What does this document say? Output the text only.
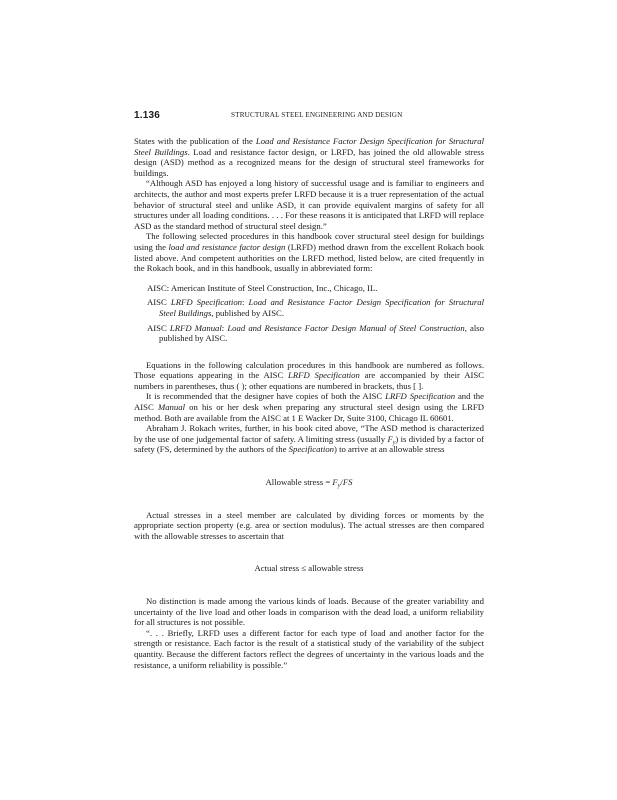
1.136	STRUCTURAL STEEL ENGINEERING AND DESIGN

States with the publication of the Load and Resistance Factor Design Specification for Structural Steel Buildings. Load and resistance factor design, or LRFD, has joined the old allowable stress design (ASD) method as a recognized means for the design of structural steel frameworks for buildings.

“Although ASD has enjoyed a long history of successful usage and is familiar to engineers and architects, the author and most experts prefer LRFD because it is a truer representation of the actual behavior of structural steel and unlike ASD, it can provide equivalent margins of safety for all structures under all loading conditions. . . . For these reasons it is anticipated that LRFD will replace ASD as the standard method of structural steel design.”

The following selected procedures in this handbook cover structural steel design for buildings using the load and resistance factor design (LRFD) method drawn from the excellent Rokach book listed above. And competent authorities on the LRFD method, listed below, are cited frequently in the Rokach book, and in this handbook, usually in abbreviated form:

AISC: American Institute of Steel Construction, Inc., Chicago, IL.
AISC LRFD Specification: Load and Resistance Factor Design Specification for Structural Steel Buildings, published by AISC.
AISC LRFD Manual: Load and Resistance Factor Design Manual of Steel Construction, also published by AISC.

Equations in the following calculation procedures in this handbook are numbered as follows. Those equations appearing in the AISC LRFD Specification are accompanied by their AISC numbers in parentheses, thus ( ); other equations are numbered in brackets, thus [ ].

It is recommended that the designer have copies of both the AISC LRFD Specification and the AISC Manual on his or her desk when preparing any structural steel design using the LRFD method. Both are available from the AISC at 1 E Wacker Dr, Suite 3100, Chicago IL 60601.

Abraham J. Rokach writes, further, in his book cited above, “The ASD method is characterized by the use of one judgemental factor of safety. A limiting stress (usually $F_y$) is divided by a factor of safety (FS, determined by the authors of the Specification) to arrive at an allowable stress

Allowable stress = $F_y/FS$

Actual stresses in a steel member are calculated by dividing forces or moments by the appropriate section property (e.g. area or section modulus). The actual stresses are then compared with the allowable stresses to ascertain that

Actual stress ≤ allowable stress

No distinction is made among the various kinds of loads. Because of the greater variability and uncertainty of the live load and other loads in comparison with the dead load, a uniform reliability for all structures is not possible.

“. . . Briefly, LRFD uses a different factor for each type of load and another factor for the strength or resistance. Each factor is the result of a statistical study of the variability of the subject quantity. Because the different factors reflect the degrees of uncertainty in the various loads and the resistance, a uniform reliability is possible.”
